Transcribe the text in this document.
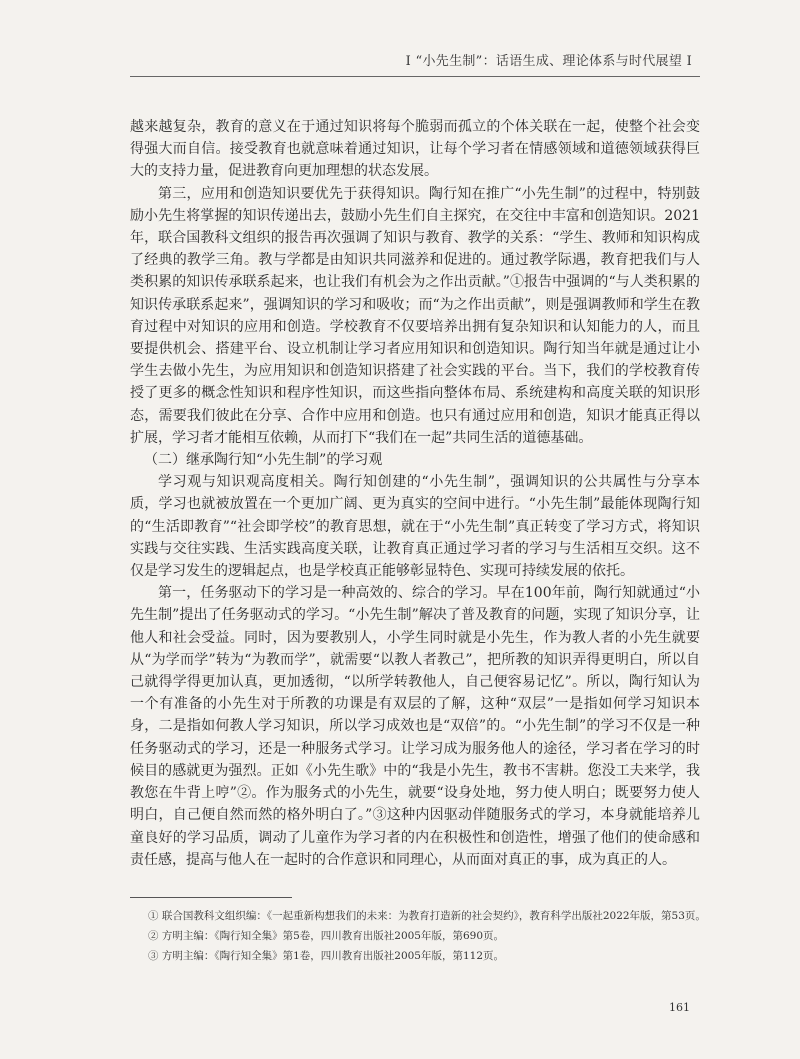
I “小先生制”：话语生成、理论体系与时代展望 I

越来越复杂，教育的意义在于通过知识将每个脆弱而孤立的个体关联在一起，使整个社会变得强大而自信。接受教育也就意味着通过知识，让每个学习者在情感领域和道德领域获得巨大的支持力量，促进教育向更加理想的状态发展。

第三，应用和创造知识要优先于获得知识。陶行知在推广“小先生制”的过程中，特别鼓励小先生将掌握的知识传递出去，鼓励小先生们自主探究，在交往中丰富和创造知识。2021年，联合国教科文组织的报告再次强调了知识与教育、教学的关系：“学生、教师和知识构成了经典的教学三角。教与学都是由知识共同滋养和促进的。通过教学际遇，教育把我们与人类积累的知识传承联系起来，也让我们有机会为之作出贡献。”①报告中强调的“与人类积累的知识传承联系起来”，强调知识的学习和吸收；而“为之作出贡献”，则是强调教师和学生在教育过程中对知识的应用和创造。学校教育不仅要培养出拥有复杂知识和认知能力的人，而且要提供机会、搭建平台、设立机制让学习者应用知识和创造知识。陶行知当年就是通过让小学生去做小先生，为应用知识和创造知识搭建了社会实践的平台。当下，我们的学校教育传授了更多的概念性知识和程序性知识，而这些指向整体布局、系统建构和高度关联的知识形态，需要我们彼此在分享、合作中应用和创造。也只有通过应用和创造，知识才能真正得以扩展，学习者才能相互依赖，从而打下“我们在一起”共同生活的道德基础。

（二）继承陶行知“小先生制”的学习观

学习观与知识观高度相关。陶行知创建的“小先生制”，强调知识的公共属性与分享本质，学习也就被放置在一个更加广阔、更为真实的空间中进行。“小先生制”最能体现陶行知的“生活即教育”“社会即学校”的教育思想，就在于“小先生制”真正转变了学习方式，将知识实践与交往实践、生活实践高度关联，让教育真正通过学习者的学习与生活相互交织。这不仅是学习发生的逻辑起点，也是学校真正能够彰显特色、实现可持续发展的依托。

第一，任务驱动下的学习是一种高效的、综合的学习。早在100年前，陶行知就通过“小先生制”提出了任务驱动式的学习。“小先生制”解决了普及教育的问题，实现了知识分享，让他人和社会受益。同时，因为要教别人，小学生同时就是小先生，作为教人者的小先生就要从“为学而学”转为“为教而学”，就需要“以教人者教己”，把所教的知识弄得更明白，所以自己就得学得更加认真，更加透彻，“以所学转教他人，自己便容易记忆”。所以，陶行知认为一个有准备的小先生对于所教的功课是有双层的了解，这种“双层”一是指如何学习知识本身，二是指如何教人学习知识，所以学习成效也是“双倍”的。“小先生制”的学习不仅是一种任务驱动式的学习，还是一种服务式学习。让学习成为服务他人的途径，学习者在学习的时候目的感就更为强烈。正如《小先生歌》中的“我是小先生，教书不害耕。您没工夫来学，我教您在牛背上哼”②。作为服务式的小先生，就要“设身处地，努力使人明白；既要努力使人明白，自己便自然而然的格外明白了。”③这种内因驱动伴随服务式的学习，本身就能培养儿童良好的学习品质，调动了儿童作为学习者的内在积极性和创造性，增强了他们的使命感和责任感，提高与他人在一起时的合作意识和同理心，从而面对真正的事，成为真正的人。

① 联合国教科文组织编：《一起重新构想我们的未来：为教育打造新的社会契约》，教育科学出版社2022年版，第53页。
② 方明主编：《陶行知全集》第5卷，四川教育出版社2005年版，第690页。
③ 方明主编：《陶行知全集》第1卷，四川教育出版社2005年版，第112页。
161
